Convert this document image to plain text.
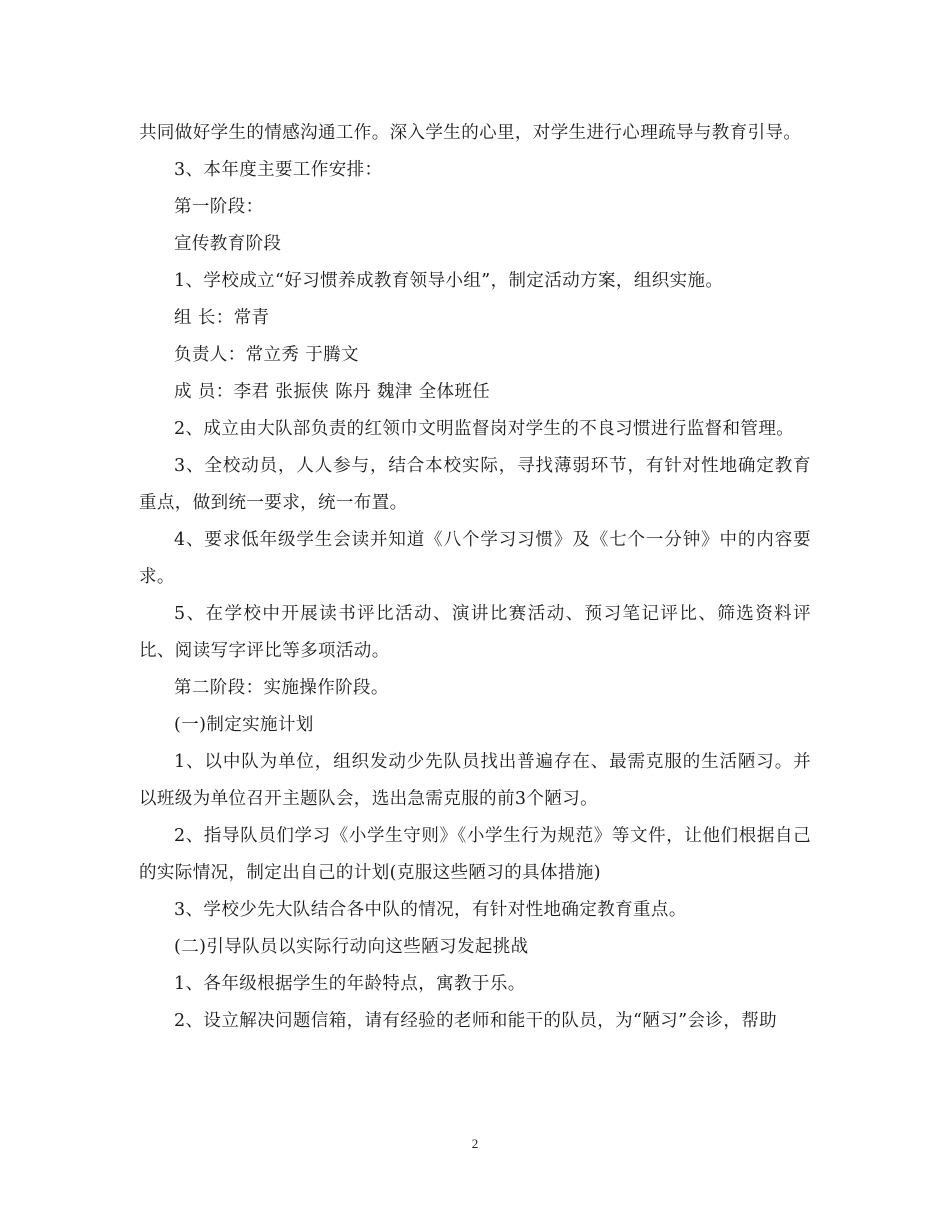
共同做好学生的情感沟通工作。深入学生的心里，对学生进行心理疏导与教育引导。

3、本年度主要工作安排：

第一阶段：

宣传教育阶段

1、学校成立“好习惯养成教育领导小组”，制定活动方案，组织实施。

组 长：常青

负责人：常立秀 于腾文

成 员：李君 张振侠 陈丹 魏津 全体班任

2、成立由大队部负责的红领巾文明监督岗对学生的不良习惯进行监督和管理。

3、全校动员，人人参与，结合本校实际，寻找薄弱环节，有针对性地确定教育重点，做到统一要求，统一布置。

4、要求低年级学生会读并知道《八个学习习惯》及《七个一分钟》中的内容要求。

5、在学校中开展读书评比活动、演讲比赛活动、预习笔记评比、筛选资料评比、阅读写字评比等多项活动。

第二阶段：实施操作阶段。

(一)制定实施计划

1、以中队为单位，组织发动少先队员找出普遍存在、最需克服的生活陋习。并以班级为单位召开主题队会，选出急需克服的前3个陋习。

2、指导队员们学习《小学生守则》《小学生行为规范》等文件，让他们根据自己的实际情况，制定出自己的计划(克服这些陋习的具体措施)

3、学校少先大队结合各中队的情况，有针对性地确定教育重点。

(二)引导队员以实际行动向这些陋习发起挑战

1、各年级根据学生的年龄特点，寓教于乐。

2、设立解决问题信箱，请有经验的老师和能干的队员，为“陋习”会诊，帮助

2
